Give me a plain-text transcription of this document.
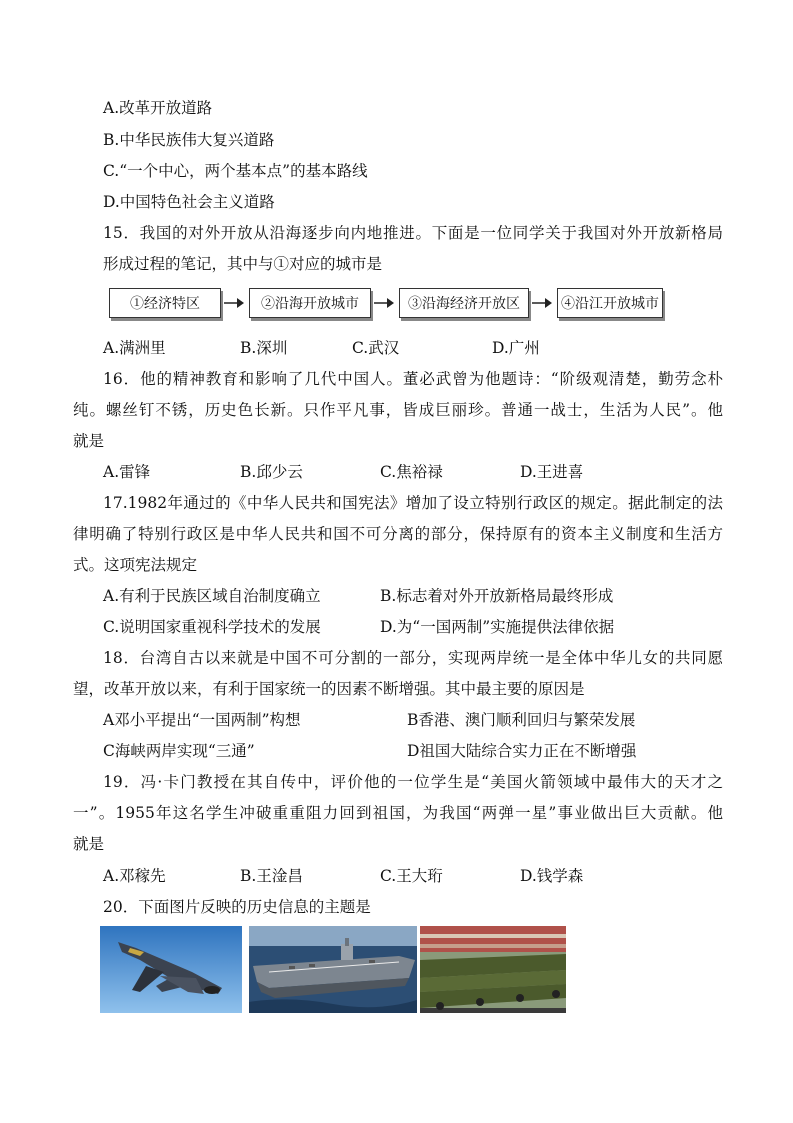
A.改革开放道路
B.中华民族伟大复兴道路
C.“一个中心，两个基本点”的基本路线
D.中国特色社会主义道路
15．我国的对外开放从沿海逐步向内地推进。下面是一位同学关于我国对外开放新格局
形成过程的笔记，其中与①对应的城市是
①经济特区	②沿海开放城市	③沿海经济开放区	④沿江开放城市
A.满洲里	B.深圳	C.武汉	D.广州
16．他的精神教育和影响了几代中国人。董必武曾为他题诗：“阶级观清楚，勤劳念朴
纯。螺丝钉不锈，历史色长新。只作平凡事，皆成巨丽珍。普通一战士，生活为人民”。他
就是
A.雷锋	B.邱少云	C.焦裕禄	D.王进喜
17.1982年通过的《中华人民共和国宪法》增加了设立特别行政区的规定。据此制定的法
律明确了特别行政区是中华人民共和国不可分离的部分，保持原有的资本主义制度和生活方
式。这项宪法规定
A.有利于民族区域自治制度确立	B.标志着对外开放新格局最终形成
C.说明国家重视科学技术的发展	D.为“一国两制”实施提供法律依据
18．台湾自古以来就是中国不可分割的一部分，实现两岸统一是全体中华儿女的共同愿
望，改革开放以来，有利于国家统一的因素不断增强。其中最主要的原因是
A邓小平提出“一国两制”构想	B香港、澳门顺利回归与繁荣发展
C海峡两岸实现“三通”	D祖国大陆综合实力正在不断增强
19．冯·卡门教授在其自传中，评价他的一位学生是“美国火箭领域中最伟大的天才之
一”。1955年这名学生冲破重重阻力回到祖国，为我国“两弹一星”事业做出巨大贡献。他
就是
A.邓稼先	B.王淦昌	C.王大珩	D.钱学森
20．下面图片反映的历史信息的主题是
